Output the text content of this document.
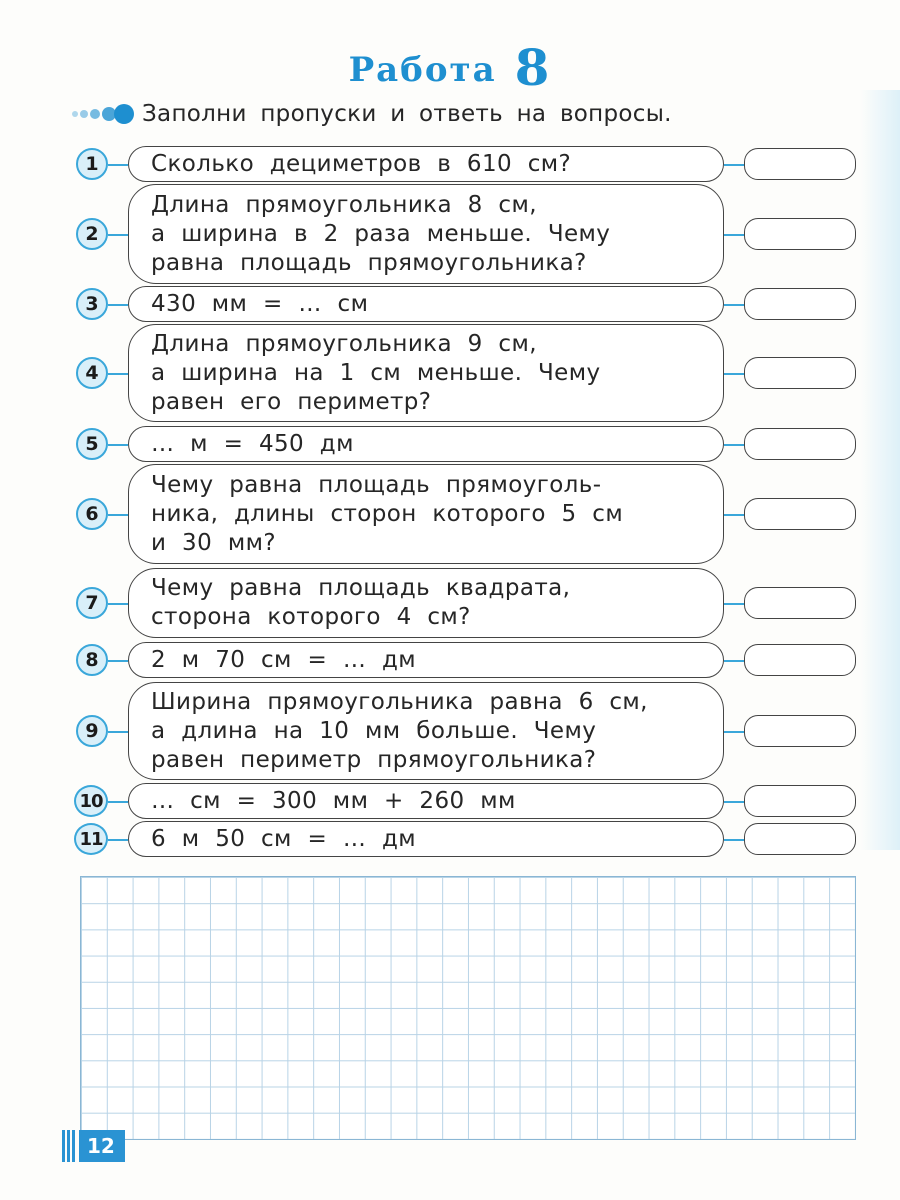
Работа 8
Заполни пропуски и ответь на вопросы.
1	Сколько дециметров в 610 см?
2
Длина прямоугольника 8 см,
а ширина в 2 раза меньше. Чему
равна площадь прямоугольника?
3	430 мм = … см
4
Длина прямоугольника 9 см,
а ширина на 1 см меньше. Чему
равен его периметр?
5	… м = 450 дм
6
Чему равна площадь прямоуголь-
ника, длины сторон которого 5 см
и 30 мм?
7
Чему равна площадь квадрата,
сторона которого 4 см?
8	2 м 70 см = … дм
9
Ширина прямоугольника равна 6 см,
а длина на 10 мм больше. Чему
равен периметр прямоугольника?
10 … см = 300 мм + 260 мм
11 6 м 50 см = … дм
12
